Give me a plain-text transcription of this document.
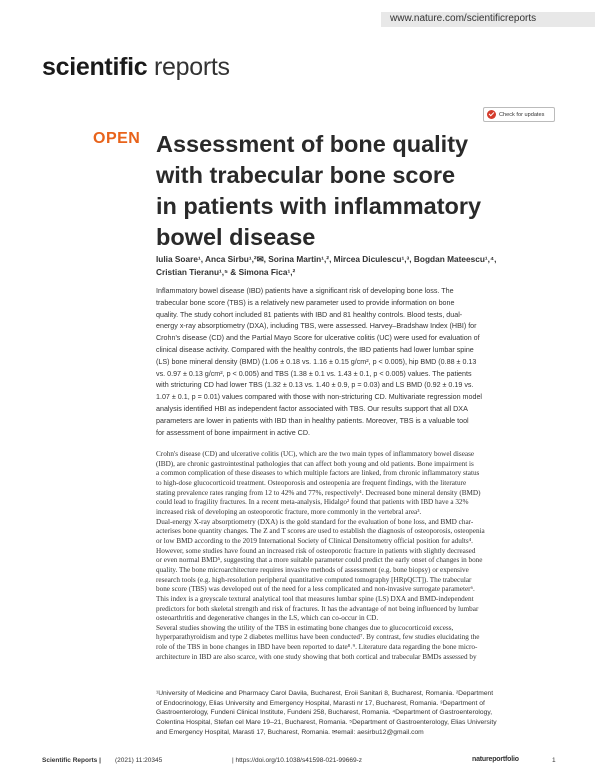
www.nature.com/scientificreports
scientific reports
Check for updates
OPEN Assessment of bone quality
with trabecular bone score
in patients with inflammatory
bowel disease
Iulia Soare¹, Anca Sirbu¹,²✉, Sorina Martin¹,², Mircea Diculescu¹,³, Bogdan Mateescu¹,⁴,
Cristian Tieranu¹,⁵ & Simona Fica¹,²
Inflammatory bowel disease (IBD) patients have a significant risk of developing bone loss. The
trabecular bone score (TBS) is a relatively new parameter used to provide information on bone
quality. The study cohort included 81 patients with IBD and 81 healthy controls. Blood tests, dual-
energy x-ray absorptiometry (DXA), including TBS, were assessed. Harvey–Bradshaw Index (HBI) for
Crohn's disease (CD) and the Partial Mayo Score for ulcerative colitis (UC) were used for evaluation of
clinical disease activity. Compared with the healthy controls, the IBD patients had lower lumbar spine
(LS) bone mineral density (BMD) (1.06 ± 0.18 vs. 1.16 ± 0.15 g/cm², p < 0.005), hip BMD (0.88 ± 0.13
vs. 0.97 ± 0.13 g/cm², p < 0.005) and TBS (1.38 ± 0.1 vs. 1.43 ± 0.1, p < 0.005) values. The patients
with stricturing CD had lower TBS (1.32 ± 0.13 vs. 1.40 ± 0.9, p = 0.03) and LS BMD (0.92 ± 0.19 vs.
1.07 ± 0.1, p = 0.01) values compared with those with non-stricturing CD. Multivariate regression model
analysis identified HBI as independent factor associated with TBS. Our results support that all DXA
parameters are lower in patients with IBD than in healthy patients. Moreover, TBS is a valuable tool
for assessment of bone impairment in active CD.
Crohn's disease (CD) and ulcerative colitis (UC), which are the two main types of inflammatory bowel disease
(IBD), are chronic gastrointestinal pathologies that can affect both young and old patients. Bone impairment is
a common complication of these diseases to which multiple factors are linked, from chronic inflammatory status
to high-dose glucocorticoid treatment. Osteoporosis and osteopenia are frequent findings, with the literature
stating prevalence rates ranging from 12 to 42% and 77%, respectively¹. Decreased bone mineral density (BMD)
could lead to fragility fractures. In a recent meta-analysis, Hidalgo² found that patients with IBD have a 32%
increased risk of developing an osteoporotic fracture, more commonly in the vertebral area³.
Dual-energy X-ray absorptiometry (DXA) is the gold standard for the evaluation of bone loss, and BMD char-
acterises bone quantity changes. The Z and T scores are used to establish the diagnosis of osteoporosis, osteopenia
or low BMD according to the 2019 International Society of Clinical Densitometry official position for adults⁴.
However, some studies have found an increased risk of osteoporotic fracture in patients with slightly decreased
or even normal BMD⁵, suggesting that a more suitable parameter could predict the early onset of changes in bone
quality. The bone microarchitecture requires invasive methods of assessment (e.g. bone biopsy) or expensive
research tools (e.g. high-resolution peripheral quantitative computed tomography [HRpQCT]). The trabecular
bone score (TBS) was developed out of the need for a less complicated and non-invasive surrogate parameter⁶.
This index is a greyscale textural analytical tool that measures lumbar spine (LS) DXA and BMD-independent
predictors for both skeletal strength and risk of fractures. It has the advantage of not being influenced by lumbar
osteoarthritis and degenerative changes in the LS, which can co-occur in CD.
Several studies showing the utility of the TBS in estimating bone changes due to glucocorticoid excess,
hyperparathyroidism and type 2 diabetes mellitus have been conducted⁷. By contrast, few studies elucidating the
role of the TBS in bone changes in IBD have been reported to date⁸˒⁹. Literature data regarding the bone micro-
architecture in IBD are also scarce, with one study showing that both cortical and trabecular BMDs assessed by
¹University of Medicine and Pharmacy Carol Davila, Bucharest, Eroii Sanitari 8, Bucharest, Romania. ²Department
of Endocrinology, Elias University and Emergency Hospital, Marasti nr 17, Bucharest, Romania. ³Department of
Gastroenterology, Fundeni Clinical Institute, Fundeni 258, Bucharest, Romania. ⁴Department of Gastroenterology,
Colentina Hospital, Stefan cel Mare 19–21, Bucharest, Romania. ⁵Department of Gastroenterology, Elias University
and Emergency Hospital, Marasti 17, Bucharest, Romania. ✉email: aesirbu12@gmail.com
Scientific Reports | (2021) 11:20345	| https://doi.org/10.1038/s41598-021-99669-z	natureportfolio	1
